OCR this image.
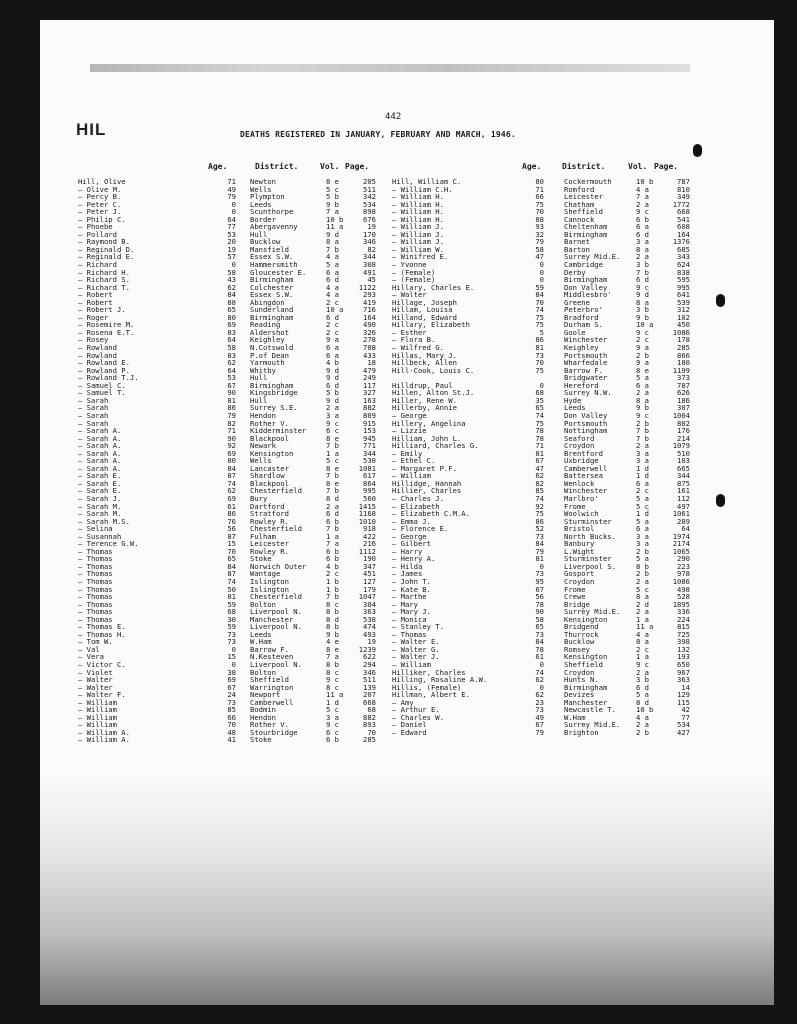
HIL
442
DEATHS REGISTERED IN JANUARY, FEBRUARY AND MARCH, 1946.
Age.	District.	Vol. Page.	Age.	District.	Vol. Page.
Hill, Olive	71 Newton	8 e	205
— Olive M.	49 Wells	5 c	511
— Percy B.	79 Plympton	5 b	342
— Peter C.	0 Leeds	9 b	534
— Peter J.	0 Scunthorpe	7 a	898
— Philip C.	64 Border	10 b	676
— Phoebe	77 Abergavenny	11 a	19
— Pollard	53 Hull	9 d	170
— Raymond B.	20 Bucklow	8 a	346
— Reginald D.	19 Mansfield	7 b	82
— Reginald E.	57 Essex S.W.	4 a	344
— Richard	0 Hammersmith	5 a	308
— Richard H.	58 Gloucester E.	6 a	491
— Richard S.	43 Birmingham	6 d	45
— Richard T.	62 Colchester	4 a	1122
— Robert	84 Essex S.W.	4 a	293
— Robert	88 Abingdon	2 c	419
— Robert J.	65 Sunderland	10 a	716
— Roger	80 Birmingham	6 d	164
— Rosemire M.	69 Reading	2 c	490
— Rosena E.T.	83 Aldershot	2 c	326
— Rosey	64 Keighley	9 a	278
— Rowland	58 N.Cotswold	6 a	708
— Rowland	83 P.of Dean	6 a	433
— Rowland E.	62 Yarmouth	4 b	18
— Rowland P.	64 Whitby	9 d	479
— Rowland T.J.	53 Hull	9 d	249
— Samuel C.	67 Birmingham	6 d	117
— Samuel T.	90 Kingsbridge	5 b	327
— Sarah	81 Hull	9 d	163
— Sarah	86 Surrey S.E.	2 a	882
— Sarah	79 Hendon	3 a	809
— Sarah	82 Rother V.	9 c	915
— Sarah A.	71 Kidderminster	6 c	153
— Sarah A.	90 Blackpool	8 e	945
— Sarah A.	92 Newark	7 b	771
— Sarah A.	69 Kensington	1 a	344
— Sarah A.	80 Wells	5 c	530
— Sarah A.	84 Lancaster	8 e	1081
— Sarah E.	87 Shardlow	7 b	617
— Sarah E.	74 Blackpool	8 e	864
— Sarah E.	62 Chesterfield	7 b	995
— Sarah J.	69 Bury	8 d	560
— Sarah M.	61 Dartford	2 a	1415
— Sarah M.	86 Stratford	6 d	1168
— Sarah M.S.	76 Rowley R.	6 b	1010
— Selina	56 Chesterfield	7 b	918
— Susannah	87 Fulham	1 a	422
— Terence G.W.	15 Leicester	7 a	216
— Thomas	70 Rowley R.	6 b	1112
— Thomas	65 Stoke	6 b	190
— Thomas	84 Norwich Outer	4 b	347
— Thomas	87 Wantage	2 c	451
— Thomas	74 Islington	1 b	127
— Thomas	50 Islington	1 b	179
— Thomas	81 Chesterfield	7 b	1047
— Thomas	59 Bolton	8 c	304
— Thomas	68 Liverpool N.	8 b	363
— Thomas	30 Manchester	8 d	538
— Thomas E.	59 Liverpool N.	8 b	474
— Thomas H.	73 Leeds	9 b	493
— Tom W.	73 W.Ham	4 e	19
— Val	0 Barrow F.	8 e	1239
— Vera	15 N.Kesteven	7 a	622
— Victor C.	0 Liverpool N.	8 b	294
— Violet	38 Bolton	8 c	346
— Walter	69 Sheffield	9 c	511
— Walter	67 Warrington	8 c	139
— Walter F.	24 Newport	11 a	207
— William	73 Camberwell	1 d	668
— William	85 Bodmin	5 c	68
— William	66 Hendon	3 a	882
— William	70 Rother V.	9 c	893
— William A.	48 Stourbridge	6 c	70
— William A.	41 Stoke	6 b	285
Hill, William C.	80	Cockermouth	10 b	787
— William C.H.	71	Romford	4 a	810
— William H.	66	Leicester	7 a	349
— William H.	75	Chatham	2 a	1772
— William H.	70	Sheffield	9 c	668
— William H.	88	Cannock	6 b	541
— William J.	93	Cheltenham	6 a	608
— William J.	32	Birmingham	6 d	164
— William J.	79	Barnet	3 a	1376
— William W.	58	Barton	8 a	685
— Winifred E.	47	Surrey Mid.E. 2 a	343
— Yvonne	0	Cambridge	3 b	624
— (Female)	0	Derby	7 b	838
— (Female)	0	Birmingham	6 d	595
Hillary, Charles E.	59	Don Valley	9 c	995
— Walter	84	Middlesbro'	9 d	641
Hillage, Joseph	70	Greene	8 a	539
Hillam, Louisa	74	Peterbro'	3 b	312
Hilland, Edward	75	Bradford	9 b	102
Hillary, Elizabeth	75	Durham S.	10 a	450
— Esther	5	Goole	9 c	1086
— Flora B.	86	Winchester	2 c	178
— Wilfred G.	81	Keighley	9 a	285
Hillas, Mary J.	73	Portsmouth	2 b	866
Hillbeck, Allen	70	Wharfedale	9 a	180
Hill-Cook, Louis C.	75	Barrow F.	8 e	1199
Bridgwater	5 a	373
Hilldrup, Paul	0	Hereford	6 a	787
Hillen, Alton St.J.	68	Surrey N.W.	2 a	626
Hiller, Rene W.	35	Hyde	8 a	186
Hillerby, Annie	65	Leeds	9 b	307
— George	74	Don Valley	9 c	1004
Hillery, Angelina	75	Portsmouth	2 b	802
— Lizzie	78	Nottingham	7 b	176
Hilliam, John L.	78	Seaford	7 b	214
Hilliard, Charles G.	71	Croydon	2 a	1079
— Emily	81	Brentford	3 a	510
— Ethel C.	67	Uxbridge	3 a	103
— Margaret P.F.	47	Camberwell	1 d	665
— William	62	Battersea	1 d	344
Hillidge, Hannah	82	Wenlock	6 a	875
Hillier, Charles	85	Winchester	2 c	161
— Charles J.	74	Marlbro'	5 a	112
— Elizabeth	92	Frome	5 c	497
— Elizabeth C.M.A.	75	Woolwich	1 d	1061
— Emma J.	86	Sturminster	5 a	289
— Florence E.	52	Bristol	6 a	64
— George	73	North Bucks.	3 a	1974
— Gilbert	84	Banbury	3 a	2174
— Harry	79	L.Wight	2 b	1065
— Henry A.	81	Sturminster	5 a	290
— Hilda	0	Liverpool S.	8 b	223
— James	73	Gosport	2 b	978
— John T.	95	Croydon	2 a	1086
— Kate B.	67	Frome	5 c	498
— Marthe	56	Crewe	8 a	528
— Mary	78	Bridge	2 d	1895
— Mary J.	90	Surrey Mid.E. 2 a	336
— Monica	58	Kensington	1 a	224
— Stanley T.	65	Bridgend	11 a	815
— Thomas	73	Thurrock	4 a	725
— Walter E.	84	Bucklow	8 a	398
— Walter G.	78	Romsey	2 c	132
— Walter J.	61	Kensington	1 a	193
— William	0	Sheffield	9 c	650
Hilliker, Charles	74	Croydon	2 a	967
Hilling, Rosaline A.W.	62	Hunts N.	3 b	363
Hillis, (Female)	0	Birmingham	6 d	14
Hillman, Albert E.	62	Devizes	5 a	129
— Amy	23	Manchester	8 d	115
— Arthur E.	73	Newcastle T.	10 b	42
— Charles W.	49	W.Ham	4 a	77
— Daniel	67	Surrey Mid.E. 2 a	534
— Edward	79	Brighton	2 b	427
